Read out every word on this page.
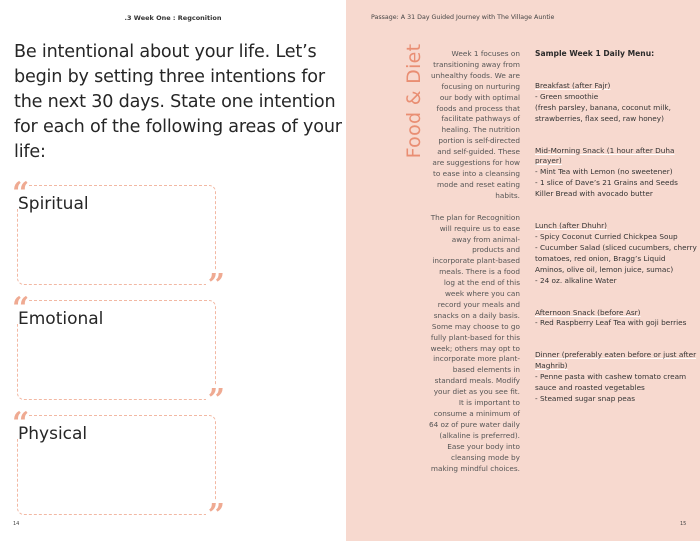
.3 Week One : Regconition
Be intentional about your life. Let’s begin by setting three intentions for the next 30 days. State one intention for each of the following areas of your life:
“
Spiritual
”
“
Emotional
”
“
Physical
”
14
Passage: A 31 Day Guided Journey with The Village Auntie
Food & Diet	Week 1 focuses on transitioning away from unhealthy foods. We are focusing on nurturing our body with optimal foods and process that facilitate pathways of healing. The nutrition portion is self-directed and self-guided. These are suggestions for how to ease into a cleansing mode and reset eating habits.

The plan for Recognition will require us to ease away from animal-products and incorporate plant-based meals. There is a food log at the end of this week where you can record your meals and snacks on a daily basis. Some may choose to go fully plant-based for this week; others may opt to incorporate more plant-based elements in standard meals. Modify your diet as you see fit. It is important to consume a minimum of 64 oz of pure water daily (alkaline is preferred). Ease your body into cleansing mode by making mindful choices.

Sample Week 1 Daily Menu:
Breakfast (after Fajr)
- Green smoothie
(fresh parsley, banana, coconut milk, strawberries, flax seed, raw honey)
Mid-Morning Snack (1 hour after Duha prayer)
- Mint Tea with Lemon (no sweetener)
- 1 slice of Dave’s 21 Grains and Seeds Killer Bread with avocado butter
Lunch (after Dhuhr)
- Spicy Coconut Curried Chickpea Soup
- Cucumber Salad (sliced cucumbers, cherry tomatoes, red onion, Bragg’s Liquid Aminos, olive oil, lemon juice, sumac)
- 24 oz. alkaline Water
Afternoon Snack (before Asr)
- Red Raspberry Leaf Tea with goji berries
Dinner (preferably eaten before or just after Maghrib)
- Penne pasta with cashew tomato cream sauce and roasted vegetables
- Steamed sugar snap peas
15
